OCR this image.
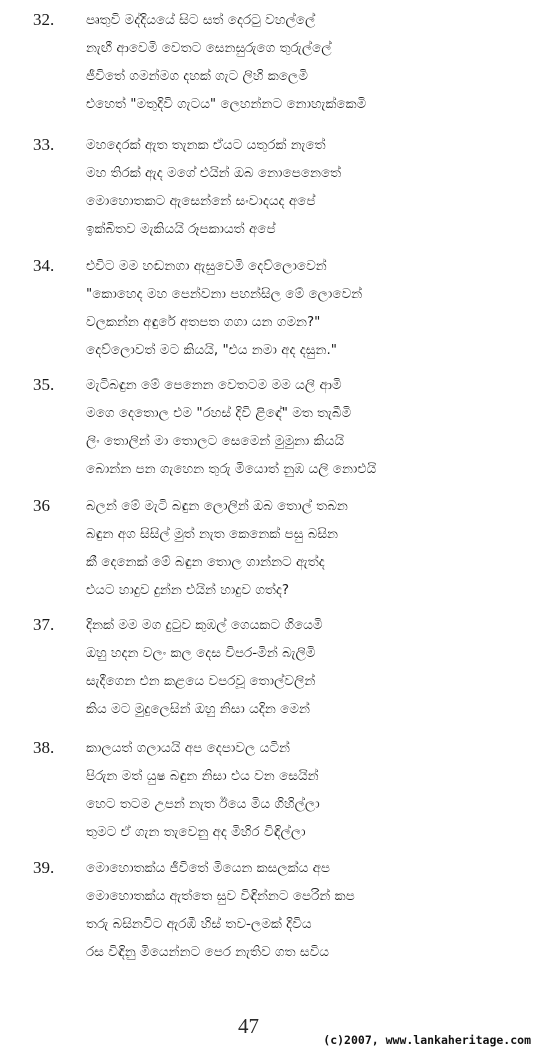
32. පෘතුවි මද්දියයේ සිට සත් දෙරටු වහල්ලේ
නැඟී ආවෙමි වෙතට සෙනසුරුගෙ තුරුල්ලේ
ජීවිතේ ගමන්මග දහක් ගැට ලිහි කලෙමි
එහෙත් "මතුදිවි ගැටය" ලෙහන්නට නොහැක්කෙමි
33. මහදෙරක් ඇත තැනක ඒයට යතුරක් නැතේ
මහ තිරක් ඇද මගේ එයින් ඔබ නොපෙනෙතේ
මොහොතකට ඇසෙන්නේ සංවාදයද අපේ
ඉක්බිතව මැකියයි රූපකායත් අපේ
34. එවිට මම හඬනගා ඇසුවෙමි දෙව්ලොවෙන්
"කොහෙද මහ පෙන්වනා පහන්සිල මේ ලොවෙන්
වලකන්න අඳුරේ අතපත ගගා යන ගමන?"
දෙව්ලොවත් මට කියයි, "එය නමා අද දසුන."
35. මැටිබඳුන මේ පෙනෙන වෙතටම මම යලි ආමි
මගෙ දෙතොල එම "රහස් දිවි ළිඳේ" මත තැබීමි
ලිං තොලින් මා තොලට සෙමෙන් මුමුනා කියයි
බොන්න පන ගැහෙන තුරු මියොත් නුඹ යලි නොඑයි
36	බලන් මේ මැටි බඳුන ලොලින් ඔබ තොල් තබන
බඳුන අග සිසිල් මුත් නැත කෙනෙක් පසු බසින
කී දෙනෙක් මේ බඳුන තොල ගාන්නට ඇත්ද
එයට හාදුව දුන්න එයින් හාදුව ගත්ද?
37. දිනක් මම මග දුටුව කුඹල් ගෙයකට ගියෙමි
ඔහු හදන වලං කල දෙස විපර-මින් බැලිමි
සැදීගෙන එන කළයෙ වපරවූ තොල්වලින්
කිය මට මුදුලෙසින් ඔහු නිසා යදින මෙන්
38. කාලයත් ගලායයි අප දෙපාවල යටින්
පිරුන මත් යුෂ බඳුන නිසා එය වන සෙයින්
හෙට තටම උපන් නැත ඊයෙ මිය ගිහිල්ලා
තුමට ඒ ගැන තැවෙනු අද මිහිර විඳිල්ලා
39. මොහොතක්ය ජීවිතේ මියෙන කසලක්ය අප
මොහොතක්ය ඇත්තෙ සුව විඳින්නට පෙරින් කප
තරු බසිනවිට ඇරඹී හිස් තව-ලමක් දිවිය
රස විඳිනු මියෙන්නට පෙර නැතිව ගත සවිය
47
(c)2007, www.lankaheritage.com
